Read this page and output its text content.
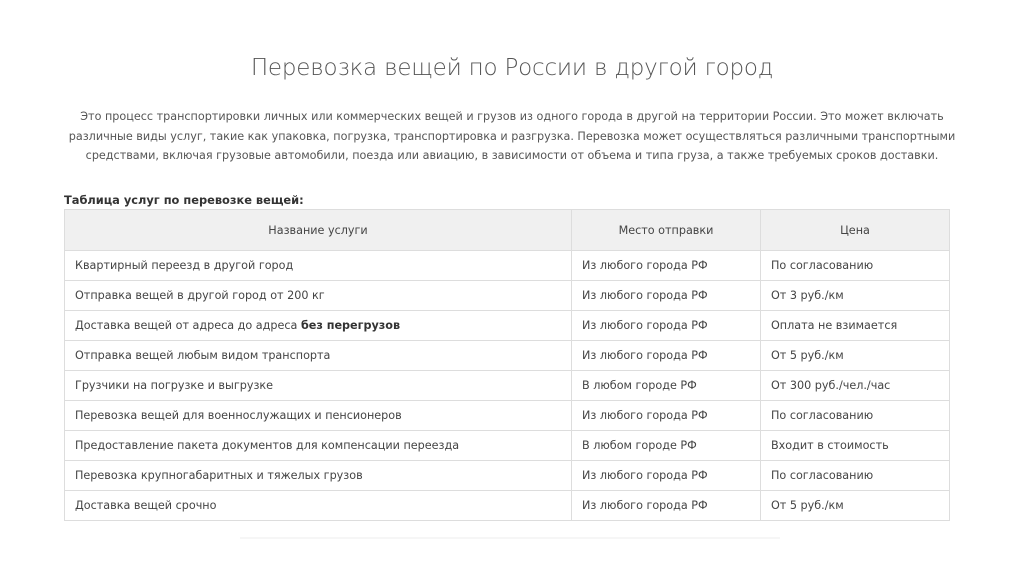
Перевозка вещей по России в другой город

Это процесс транспортировки личных или коммерческих вещей и грузов из одного города в другой на территории России. Это может включать различные виды услуг, такие как упаковка, погрузка, транспортировка и разгрузка. Перевозка может осуществляться различными транспортными средствами, включая грузовые автомобили, поезда или авиацию, в зависимости от объема и типа груза, а также требуемых сроков доставки.

Таблица услуг по перевозке вещей:

Название услуги	Место отправки	Цена
Квартирный переезд в другой город	Из любого города РФ	По согласованию
Отправка вещей в другой город от 200 кг	Из любого города РФ	От 3 руб./км
Доставка вещей от адреса до адреса без перегрузов	Из любого города РФ	Оплата не взимается
Отправка вещей любым видом транспорта	Из любого города РФ	От 5 руб./км
Грузчики на погрузке и выгрузке	В любом городе РФ	От 300 руб./чел./час
Перевозка вещей для военнослужащих и пенсионеров	Из любого города РФ	По согласованию
Предоставление пакета документов для компенсации переезда	В любом городе РФ	Входит в стоимость
Перевозка крупногабаритных и тяжелых грузов	Из любого города РФ	По согласованию
Доставка вещей срочно	Из любого города РФ	От 5 руб./км
